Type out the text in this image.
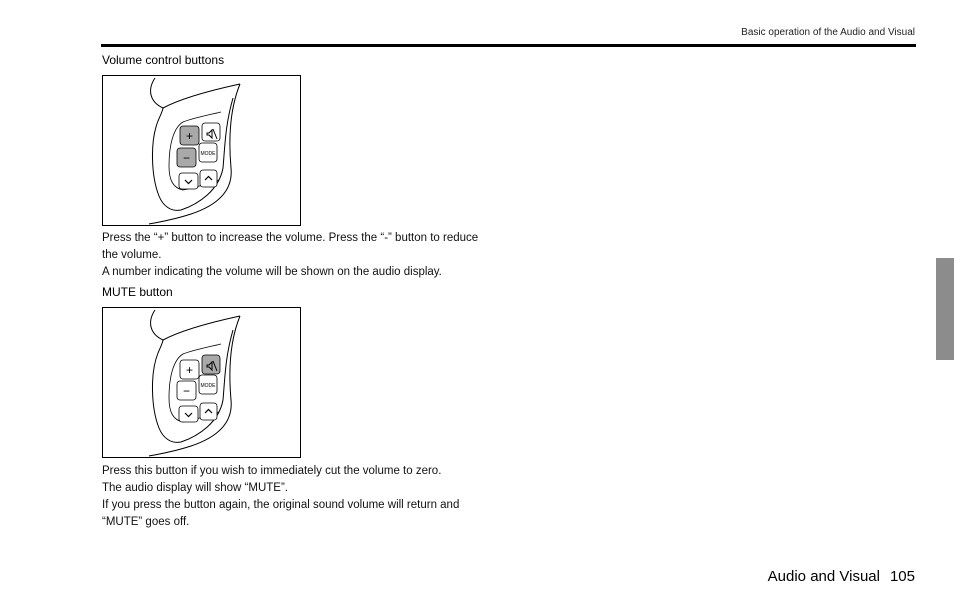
Basic operation of the Audio and Visual
Volume control buttons
+
− MODE

Press the “+” button to increase the volume. Press the “-” button to reduce the volume.

A number indicating the volume will be shown on the audio display.

MUTE button
+
− MODE

Press this button if you wish to immediately cut the volume to zero.

The audio display will show “MUTE”.

If you press the button again, the original sound volume will return and “MUTE” goes off.

Audio and Visual 105
